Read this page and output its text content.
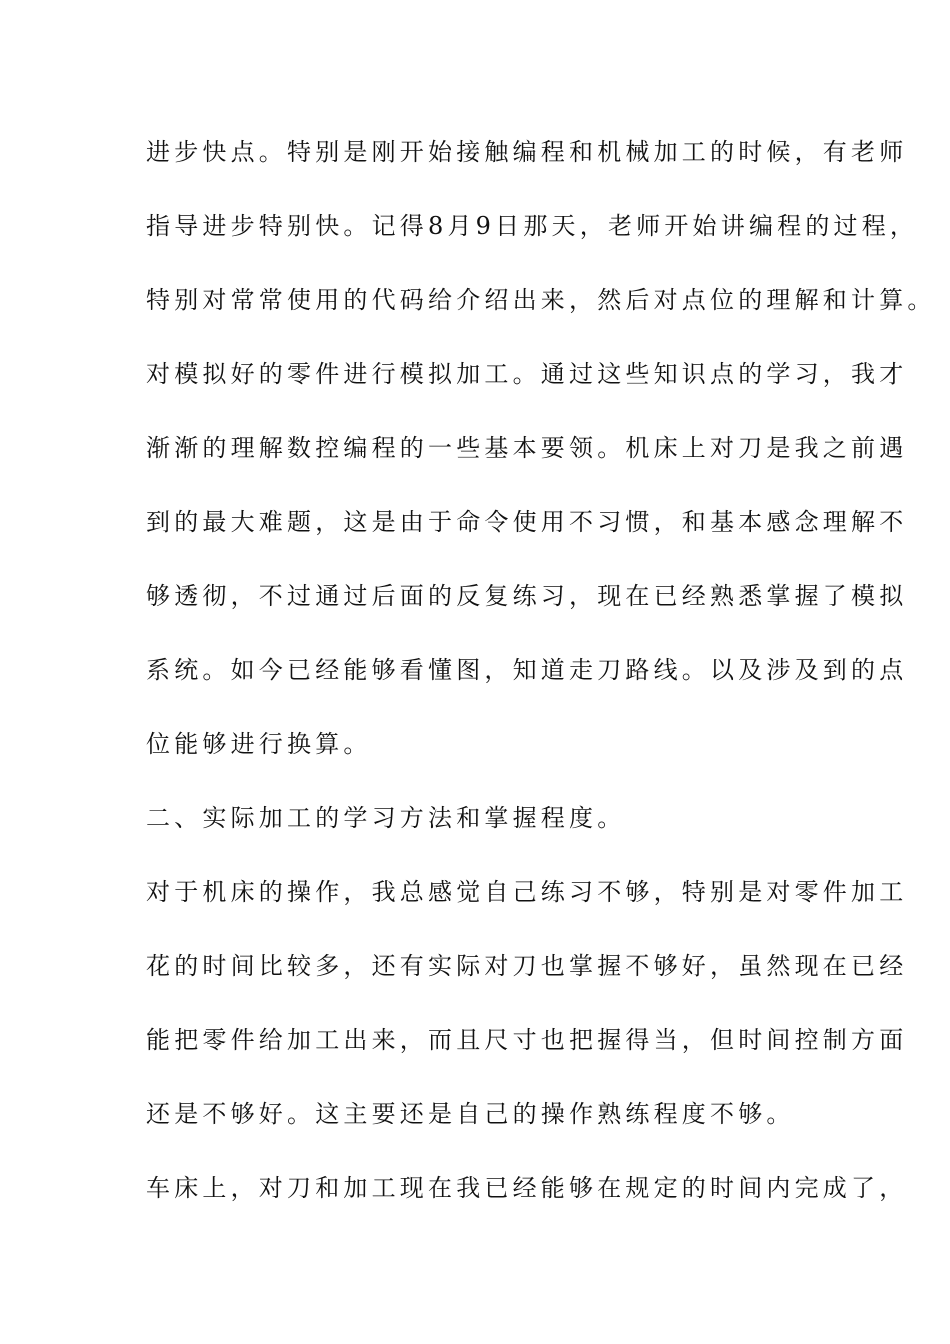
进步快点。特别是刚开始接触编程和机械加工的时候，有老师
指导进步特别快。记得8月9日那天，老师开始讲编程的过程，
特别对常常使用的代码给介绍出来，然后对点位的理解和计算。
对模拟好的零件进行模拟加工。通过这些知识点的学习，我才
渐渐的理解数控编程的一些基本要领。机床上对刀是我之前遇
到的最大难题，这是由于命令使用不习惯，和基本感念理解不
够透彻，不过通过后面的反复练习，现在已经熟悉掌握了模拟
系统。如今已经能够看懂图，知道走刀路线。以及涉及到的点
位能够进行换算。
二、实际加工的学习方法和掌握程度。
对于机床的操作，我总感觉自己练习不够，特别是对零件加工
花的时间比较多，还有实际对刀也掌握不够好，虽然现在已经
能把零件给加工出来，而且尺寸也把握得当，但时间控制方面
还是不够好。这主要还是自己的操作熟练程度不够。
车床上，对刀和加工现在我已经能够在规定的时间内完成了，
